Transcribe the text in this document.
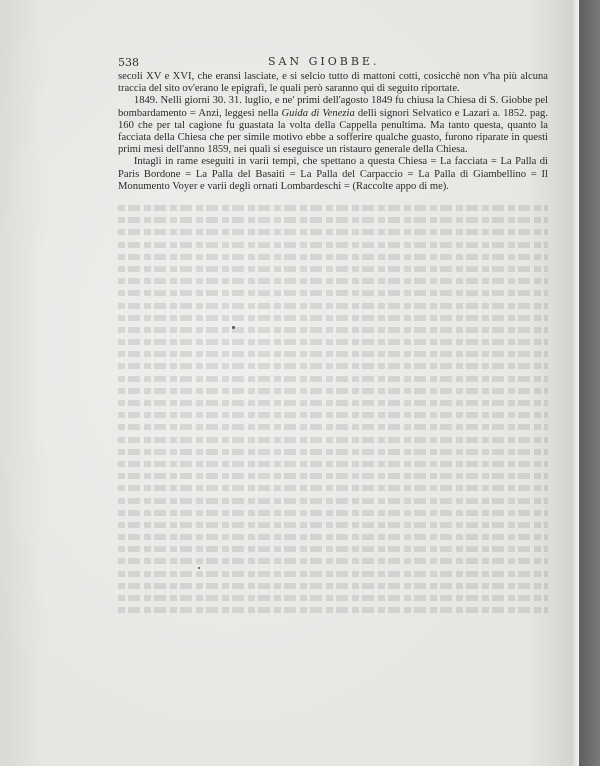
538	SAN GIOBBE.

secoli XV e XVI, che eransi lasciate, e si selcio tutto di mattoni cotti, cosicchè non v'ha più alcuna traccia del sito ov'erano le epigrafi, le quali però saranno qui di seguito riportate.

1849. Nelli giorni 30. 31. luglio, e ne' primi dell'agosto 1849 fu chiusa la Chiesa di S. Giobbe pel bombardamento = Anzi, leggesi nella Guida di Venezia delli signori Selvatico e Lazari a. 1852. pag. 160 che per tal cagione fu guastata la volta della Cappella penultima. Ma tanto questa, quanto la facciata della Chiesa che per simile motivo ebbe a sofferire qualche guasto, furono riparate in questi primi mesi dell'anno 1859, nei quali si eseguisce un ristauro generale della Chiesa.

Intagli in rame eseguiti in varii tempi, che spettano a questa Chiesa = La facciata = La Palla di Paris Bordone = La Palla del Basaiti = La Palla del Carpaccio = La Palla di Giambellino = Il Monumento Voyer e varii degli ornati Lombardeschi = (Raccolte appo di me).
